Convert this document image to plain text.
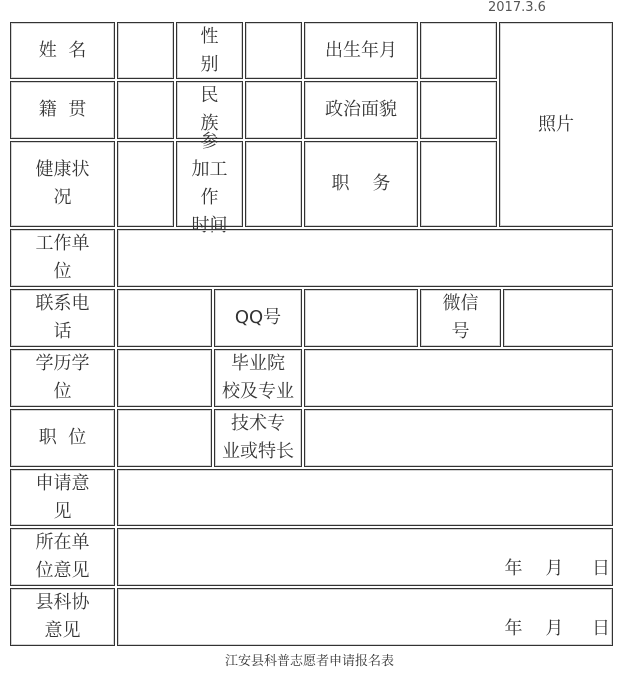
2017.3.6
姓  名
性
别
出生年月
照片
籍  贯
民
族
政治面貌
健康状
况
参
加工作
时间
职    务
工作单
位
联系电
话
QQ号
微信
号
学历学
位
毕业院
校及专业
职  位
技术专
业或特长
申请意
见
所在单
位意见	年    月     日
县科协
意见	年    月     日
江安县科普志愿者申请报名表
